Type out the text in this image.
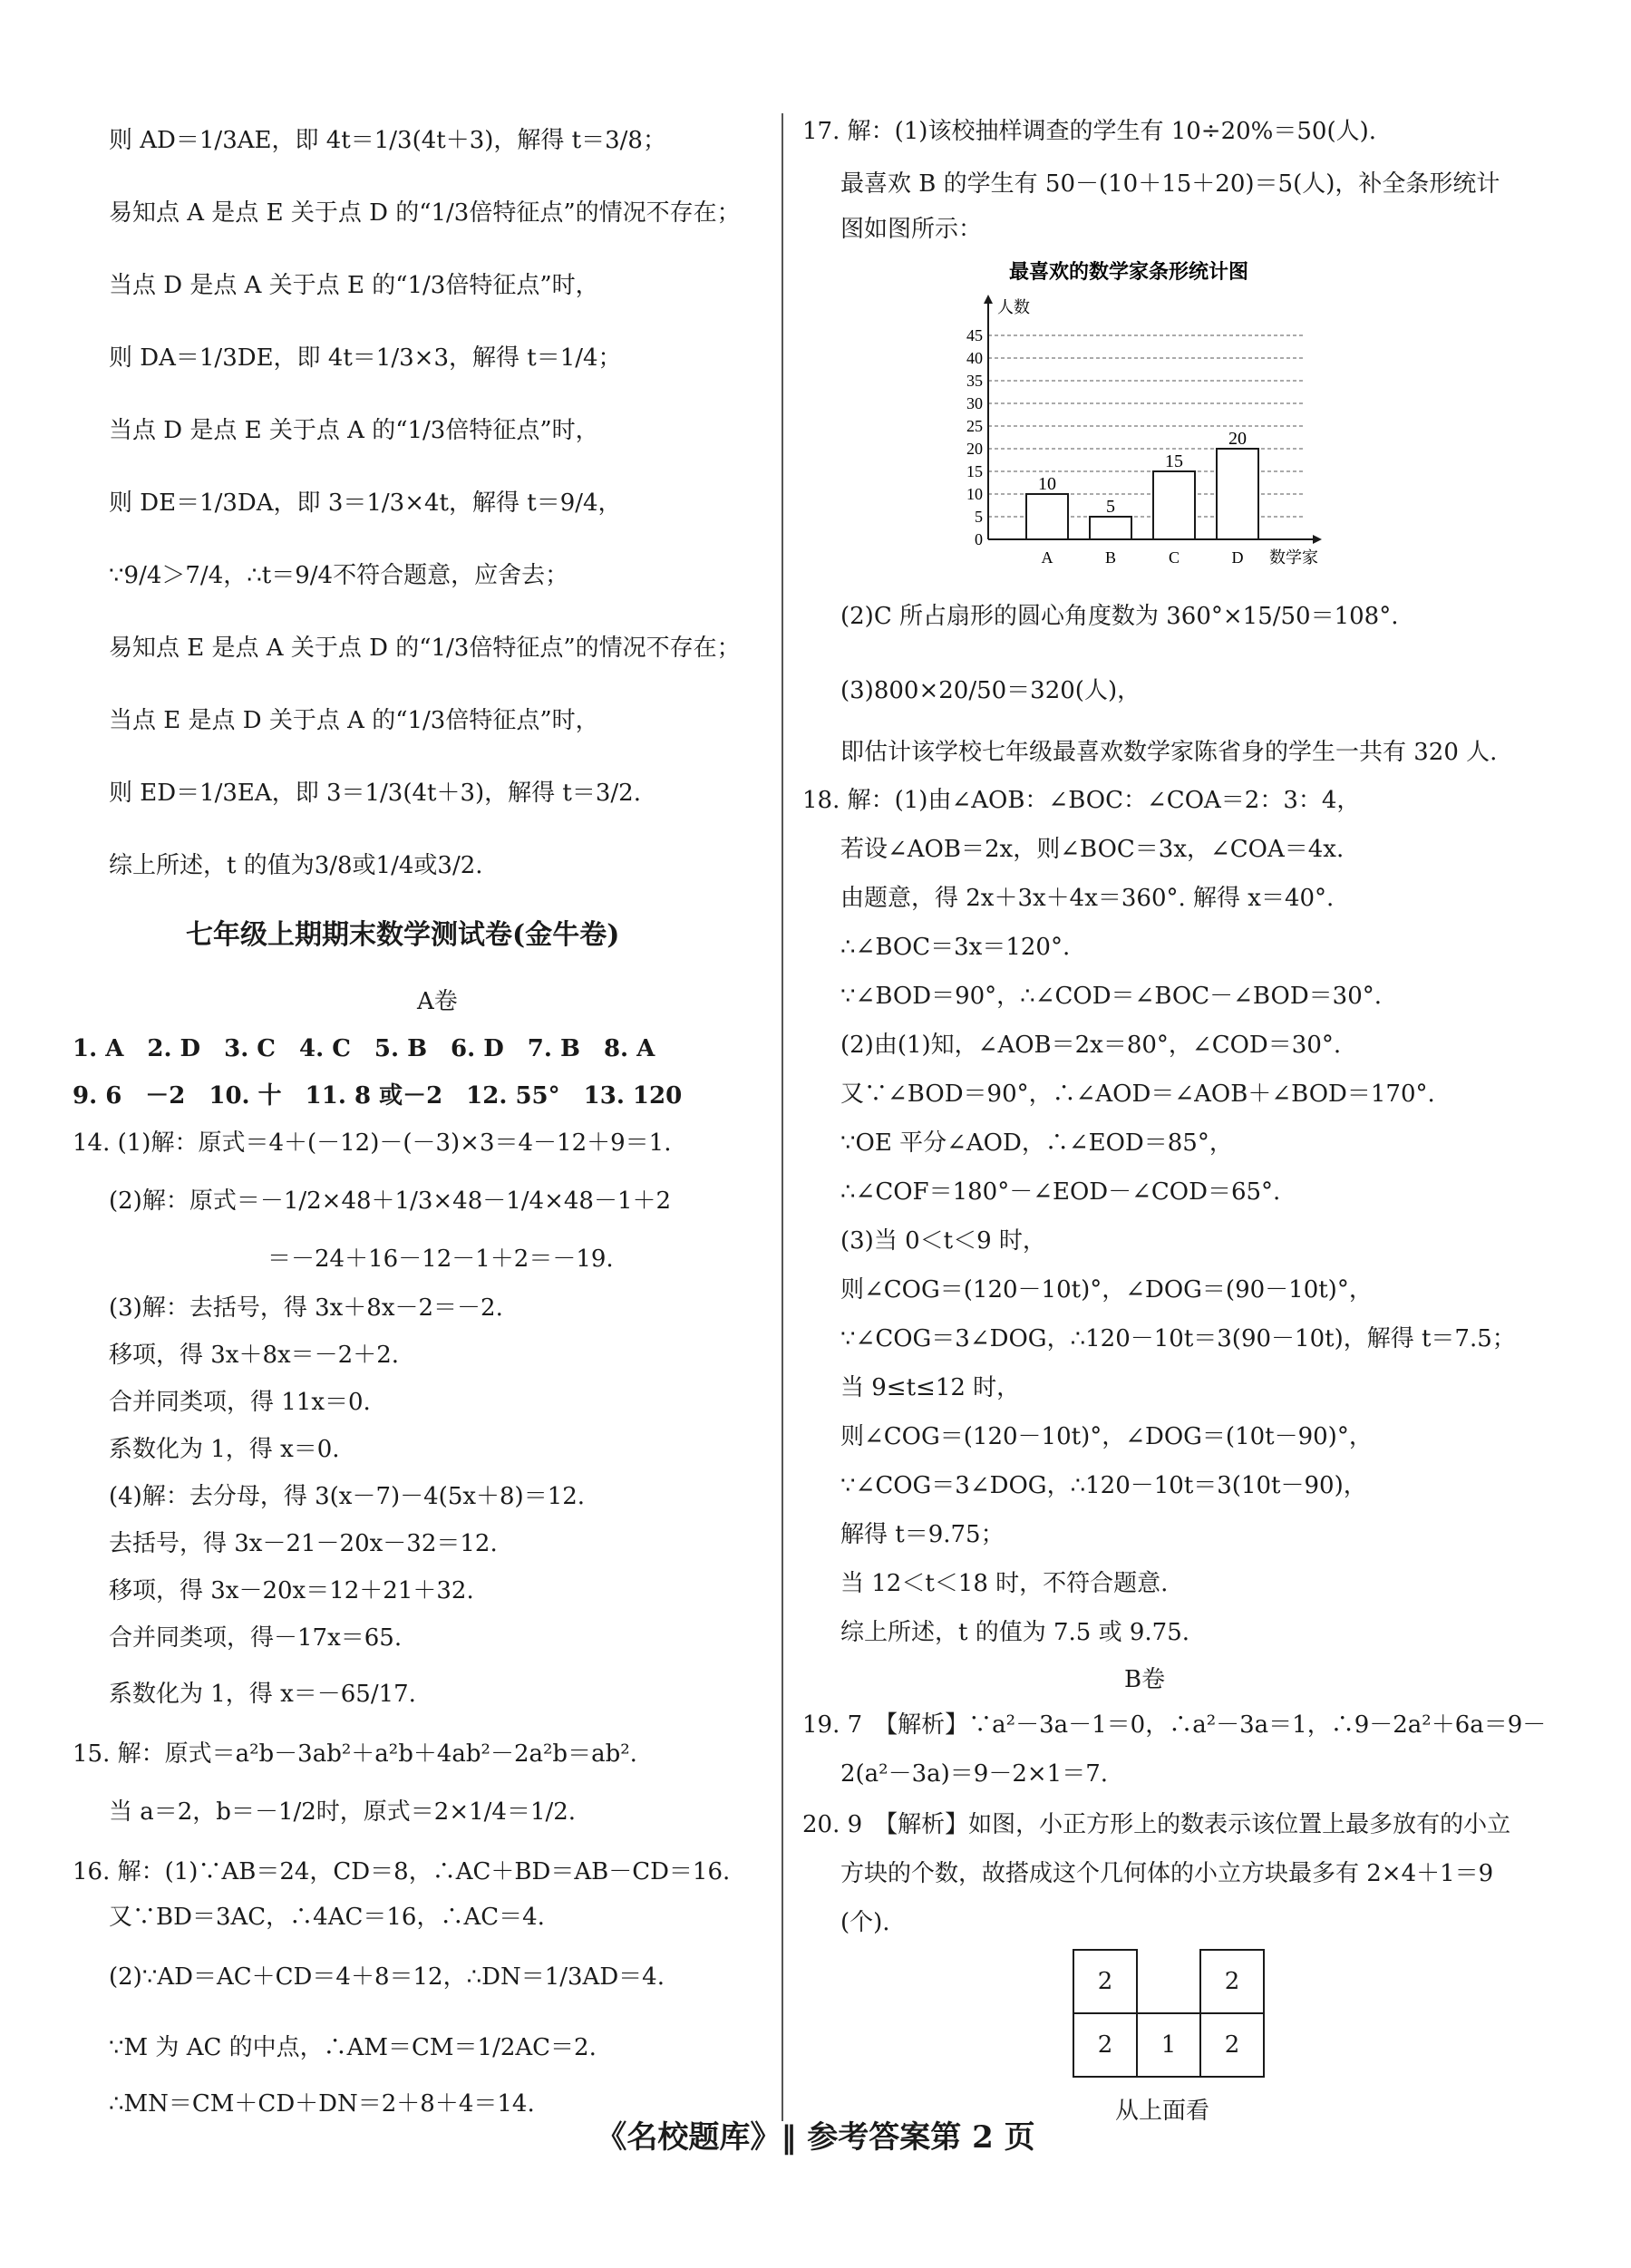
则 AD＝1/3AE，即 4t＝1/3(4t＋3)，解得 t＝3/8；
易知点 A 是点 E 关于点 D 的“1/3倍特征点”的情况不存在；
当点 D 是点 A 关于点 E 的“1/3倍特征点”时，
则 DA＝1/3DE，即 4t＝1/3×3，解得 t＝1/4；
当点 D 是点 E 关于点 A 的“1/3倍特征点”时，
则 DE＝1/3DA，即 3＝1/3×4t，解得 t＝9/4，
∵9/4＞7/4，∴t＝9/4不符合题意，应舍去；
易知点 E 是点 A 关于点 D 的“1/3倍特征点”的情况不存在；
当点 E 是点 D 关于点 A 的“1/3倍特征点”时，
则 ED＝1/3EA，即 3＝1/3(4t＋3)，解得 t＝3/2.
综上所述，t 的值为3/8或1/4或3/2.
七年级上期期末数学测试卷(金牛卷)
A卷
1. A　2. D　3. C　4. C　5. B　6. D　7. B　8. A
9. 6　－2　10. 十　11. 8 或－2　12. 55°　13. 120
14. (1)解：原式＝4＋(－12)－(－3)×3＝4－12＋9＝1.
(2)解：原式＝－1/2×48＋1/3×48－1/4×48－1＋2
＝－24＋16－12－1＋2＝－19.
(3)解：去括号，得 3x＋8x－2＝－2.
移项，得 3x＋8x＝－2＋2.
合并同类项，得 11x＝0.
系数化为 1，得 x＝0.
(4)解：去分母，得 3(x－7)－4(5x＋8)＝12.
去括号，得 3x－21－20x－32＝12.
移项，得 3x－20x＝12＋21＋32.
合并同类项，得－17x＝65.
系数化为 1，得 x＝－65/17.
15. 解：原式＝a²b－3ab²＋a²b＋4ab²－2a²b＝ab².
当 a＝2，b＝－1/2时，原式＝2×1/4＝1/2.
16. 解：(1)∵AB＝24，CD＝8，∴AC＋BD＝AB－CD＝16.
又∵BD＝3AC，∴4AC＝16，∴AC＝4.
(2)∵AD＝AC＋CD＝4＋8＝12，∴DN＝1/3AD＝4.
∵M 为 AC 的中点，∴AM＝CM＝1/2AC＝2.
∴MN＝CM＋CD＋DN＝2＋8＋4＝14.
17. 解：(1)该校抽样调查的学生有 10÷20%＝50(人).
最喜欢 B 的学生有 50－(10＋15＋20)＝5(人)，补全条形统计
图如图所示：
最喜欢的数学家条形统计图
10
5
15
20
0
5
10
15
20
25
30
35
40
45
A	B	C	D
人数
数学家
(2)C 所占扇形的圆心角度数为 360°×15/50＝108°.
(3)800×20/50＝320(人)，
即估计该学校七年级最喜欢数学家陈省身的学生一共有 320 人.
18. 解：(1)由∠AOB：∠BOC：∠COA＝2：3：4，
若设∠AOB＝2x，则∠BOC＝3x，∠COA＝4x.
由题意，得 2x＋3x＋4x＝360°. 解得 x＝40°.
∴∠BOC＝3x＝120°.
∵∠BOD＝90°，∴∠COD＝∠BOC－∠BOD＝30°.
(2)由(1)知，∠AOB＝2x＝80°，∠COD＝30°.
又∵∠BOD＝90°，∴∠AOD＝∠AOB＋∠BOD＝170°.
∵OE 平分∠AOD，∴∠EOD＝85°，
∴∠COF＝180°－∠EOD－∠COD＝65°.
(3)当 0＜t＜9 时，
则∠COG＝(120－10t)°，∠DOG＝(90－10t)°，
∵∠COG＝3∠DOG，∴120－10t＝3(90－10t)，解得 t＝7.5；
当 9≤t≤12 时，
则∠COG＝(120－10t)°，∠DOG＝(10t－90)°，
∵∠COG＝3∠DOG，∴120－10t＝3(10t－90)，
解得 t＝9.75；
当 12＜t＜18 时，不符合题意.
综上所述，t 的值为 7.5 或 9.75.
B卷
19. 7　【解析】∵a²－3a－1＝0，∴a²－3a＝1，∴9－2a²＋6a＝9－
2(a²－3a)＝9－2×1＝7.
20. 9　【解析】如图，小正方形上的数表示该位置上最多放有的小立
方块的个数，故搭成这个几何体的小立方块最多有 2×4＋1＝9
(个).
2		2
2	1	2
从上面看
《名校题库》‖ 参考答案第 2 页
